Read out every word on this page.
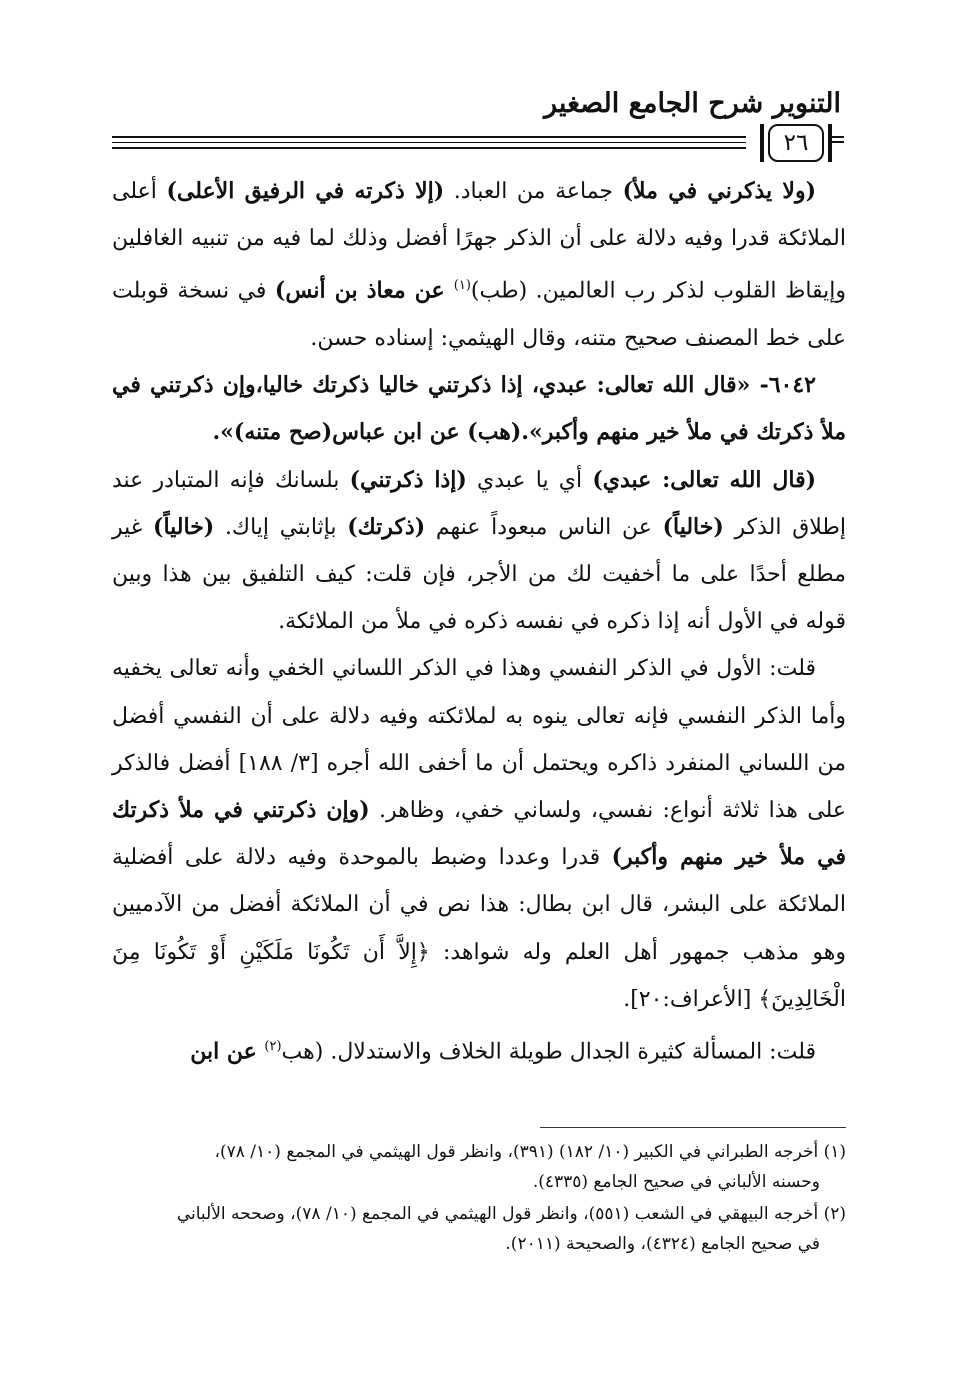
التنوير شرح الجامع الصغير
٢٦

(ولا يذكرني في ملأ) جماعة من العباد. (إلا ذكرته في الرفيق الأعلى) أعلى الملائكة قدرا وفيه دلالة على أن الذكر جهرًا أفضل وذلك لما فيه من تنبيه الغافلين وإيقاظ القلوب لذكر رب العالمين. (طب)$^{(١)}$ عن معاذ بن أنس) في نسخة قوبلت على خط المصنف صحيح متنه، وقال الهيثمي: إسناده حسن.

٦٠٤٢- «قال الله تعالى: عبدي، إذا ذكرتني خاليا ذكرتك خاليا،وإن ذكرتني في ملأ ذكرتك في ملأ خير منهم وأكبر».(هب) عن ابن عباس(صح متنه)».

(قال الله تعالى: عبدي) أي يا عبدي (إذا ذكرتني) بلسانك فإنه المتبادر عند إطلاق الذكر (خالياً) عن الناس مبعوداً عنهم (ذكرتك) بإثابتي إياك. (خالياً) غير مطلع أحدًا على ما أخفيت لك من الأجر، فإن قلت: كيف التلفيق بين هذا وبين قوله في الأول أنه إذا ذكره في نفسه ذكره في ملأ من الملائكة.

قلت: الأول في الذكر النفسي وهذا في الذكر اللساني الخفي وأنه تعالى يخفيه وأما الذكر النفسي فإنه تعالى ينوه به لملائكته وفيه دلالة على أن النفسي أفضل من اللساني المنفرد ذاكره ويحتمل أن ما أخفى الله أجره [٣/ ١٨٨] أفضل فالذكر على هذا ثلاثة أنواع: نفسي، ولساني خفي، وظاهر. (وإن ذكرتني في ملأ ذكرتك في ملأ خير منهم وأكبر) قدرا وعددا وضبط بالموحدة وفيه دلالة على أفضلية الملائكة على البشر، قال ابن بطال: هذا نص في أن الملائكة أفضل من الآدميين وهو مذهب جمهور أهل العلم وله شواهد: ﴿إِلاَّ أَن تَكُونَا مَلَكَيْنِ أَوْ تَكُونَا مِنَ الْخَالِدِينَ﴾ [الأعراف:٢٠].

قلت: المسألة كثيرة الجدال طويلة الخلاف والاستدلال. (هب$^{(٢)}$ عن ابن

(١) أخرجه الطبراني في الكبير (١٠/ ١٨٢) (٣٩١)، وانظر قول الهيثمي في المجمع (١٠/ ٧٨)،
وحسنه الألباني في صحيح الجامع (٤٣٣٥).

(٢) أخرجه البيهقي في الشعب (٥٥١)، وانظر قول الهيثمي في المجمع (١٠/ ٧٨)، وصححه الألباني
في صحيح الجامع (٤٣٢٤)، والصحيحة (٢٠١١).
